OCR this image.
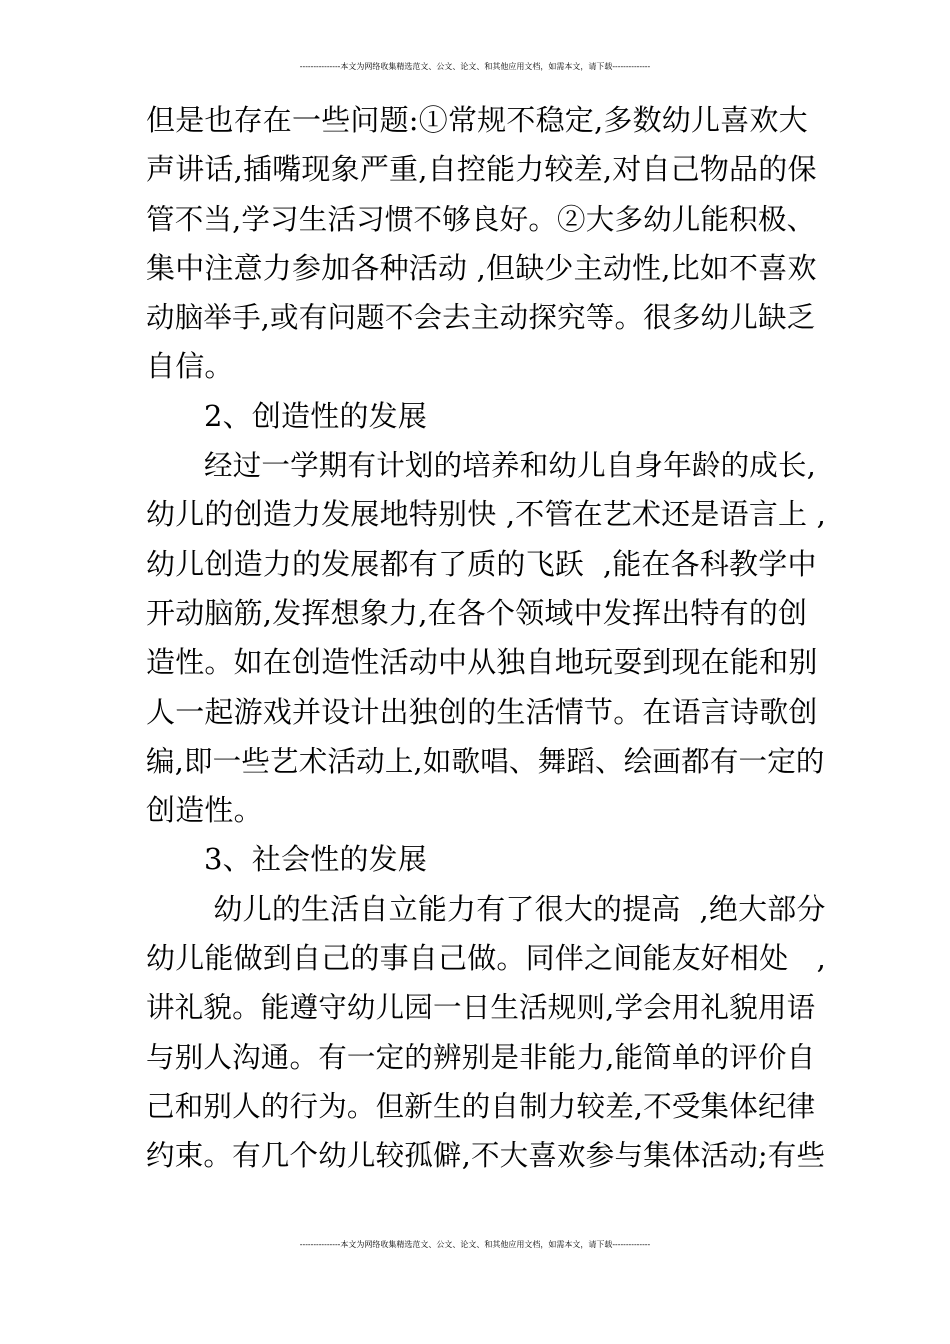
---------------本文为网络收集精选范文、公文、论文、和其他应用文档，如需本文，请下载--------------
但是也存在一些问题:①常规不稳定,多数幼儿喜欢大
声讲话,插嘴现象严重,自控能力较差,对自己物品的保
管不当,学习生活习惯不够良好。②大多幼儿能积极、
集中注意力参加各种活动 ,但缺少主动性,比如不喜欢
动脑举手,或有问题不会去主动探究等。很多幼儿缺乏
自信。
2、创造性的发展
经过一学期有计划的培养和幼儿自身年龄的成长,
幼儿的创造力发展地特别快 ,不管在艺术还是语言上 ,
幼儿创造力的发展都有了质的飞跃  ,能在各科教学中
开动脑筋,发挥想象力,在各个领域中发挥出特有的创
造性。如在创造性活动中从独自地玩耍到现在能和别
人一起游戏并设计出独创的生活情节。在语言诗歌创
编,即一些艺术活动上,如歌唱、舞蹈、绘画都有一定的
创造性。
3、社会性的发展
幼儿的生活自立能力有了很大的提高  ,绝大部分
幼儿能做到自己的事自己做。同伴之间能友好相处   ,
讲礼貌。能遵守幼儿园一日生活规则,学会用礼貌用语
与别人沟通。有一定的辨别是非能力,能简单的评价自
己和别人的行为。但新生的自制力较差,不受集体纪律
约束。有几个幼儿较孤僻,不大喜欢参与集体活动;有些
---------------本文为网络收集精选范文、公文、论文、和其他应用文档，如需本文，请下载--------------
